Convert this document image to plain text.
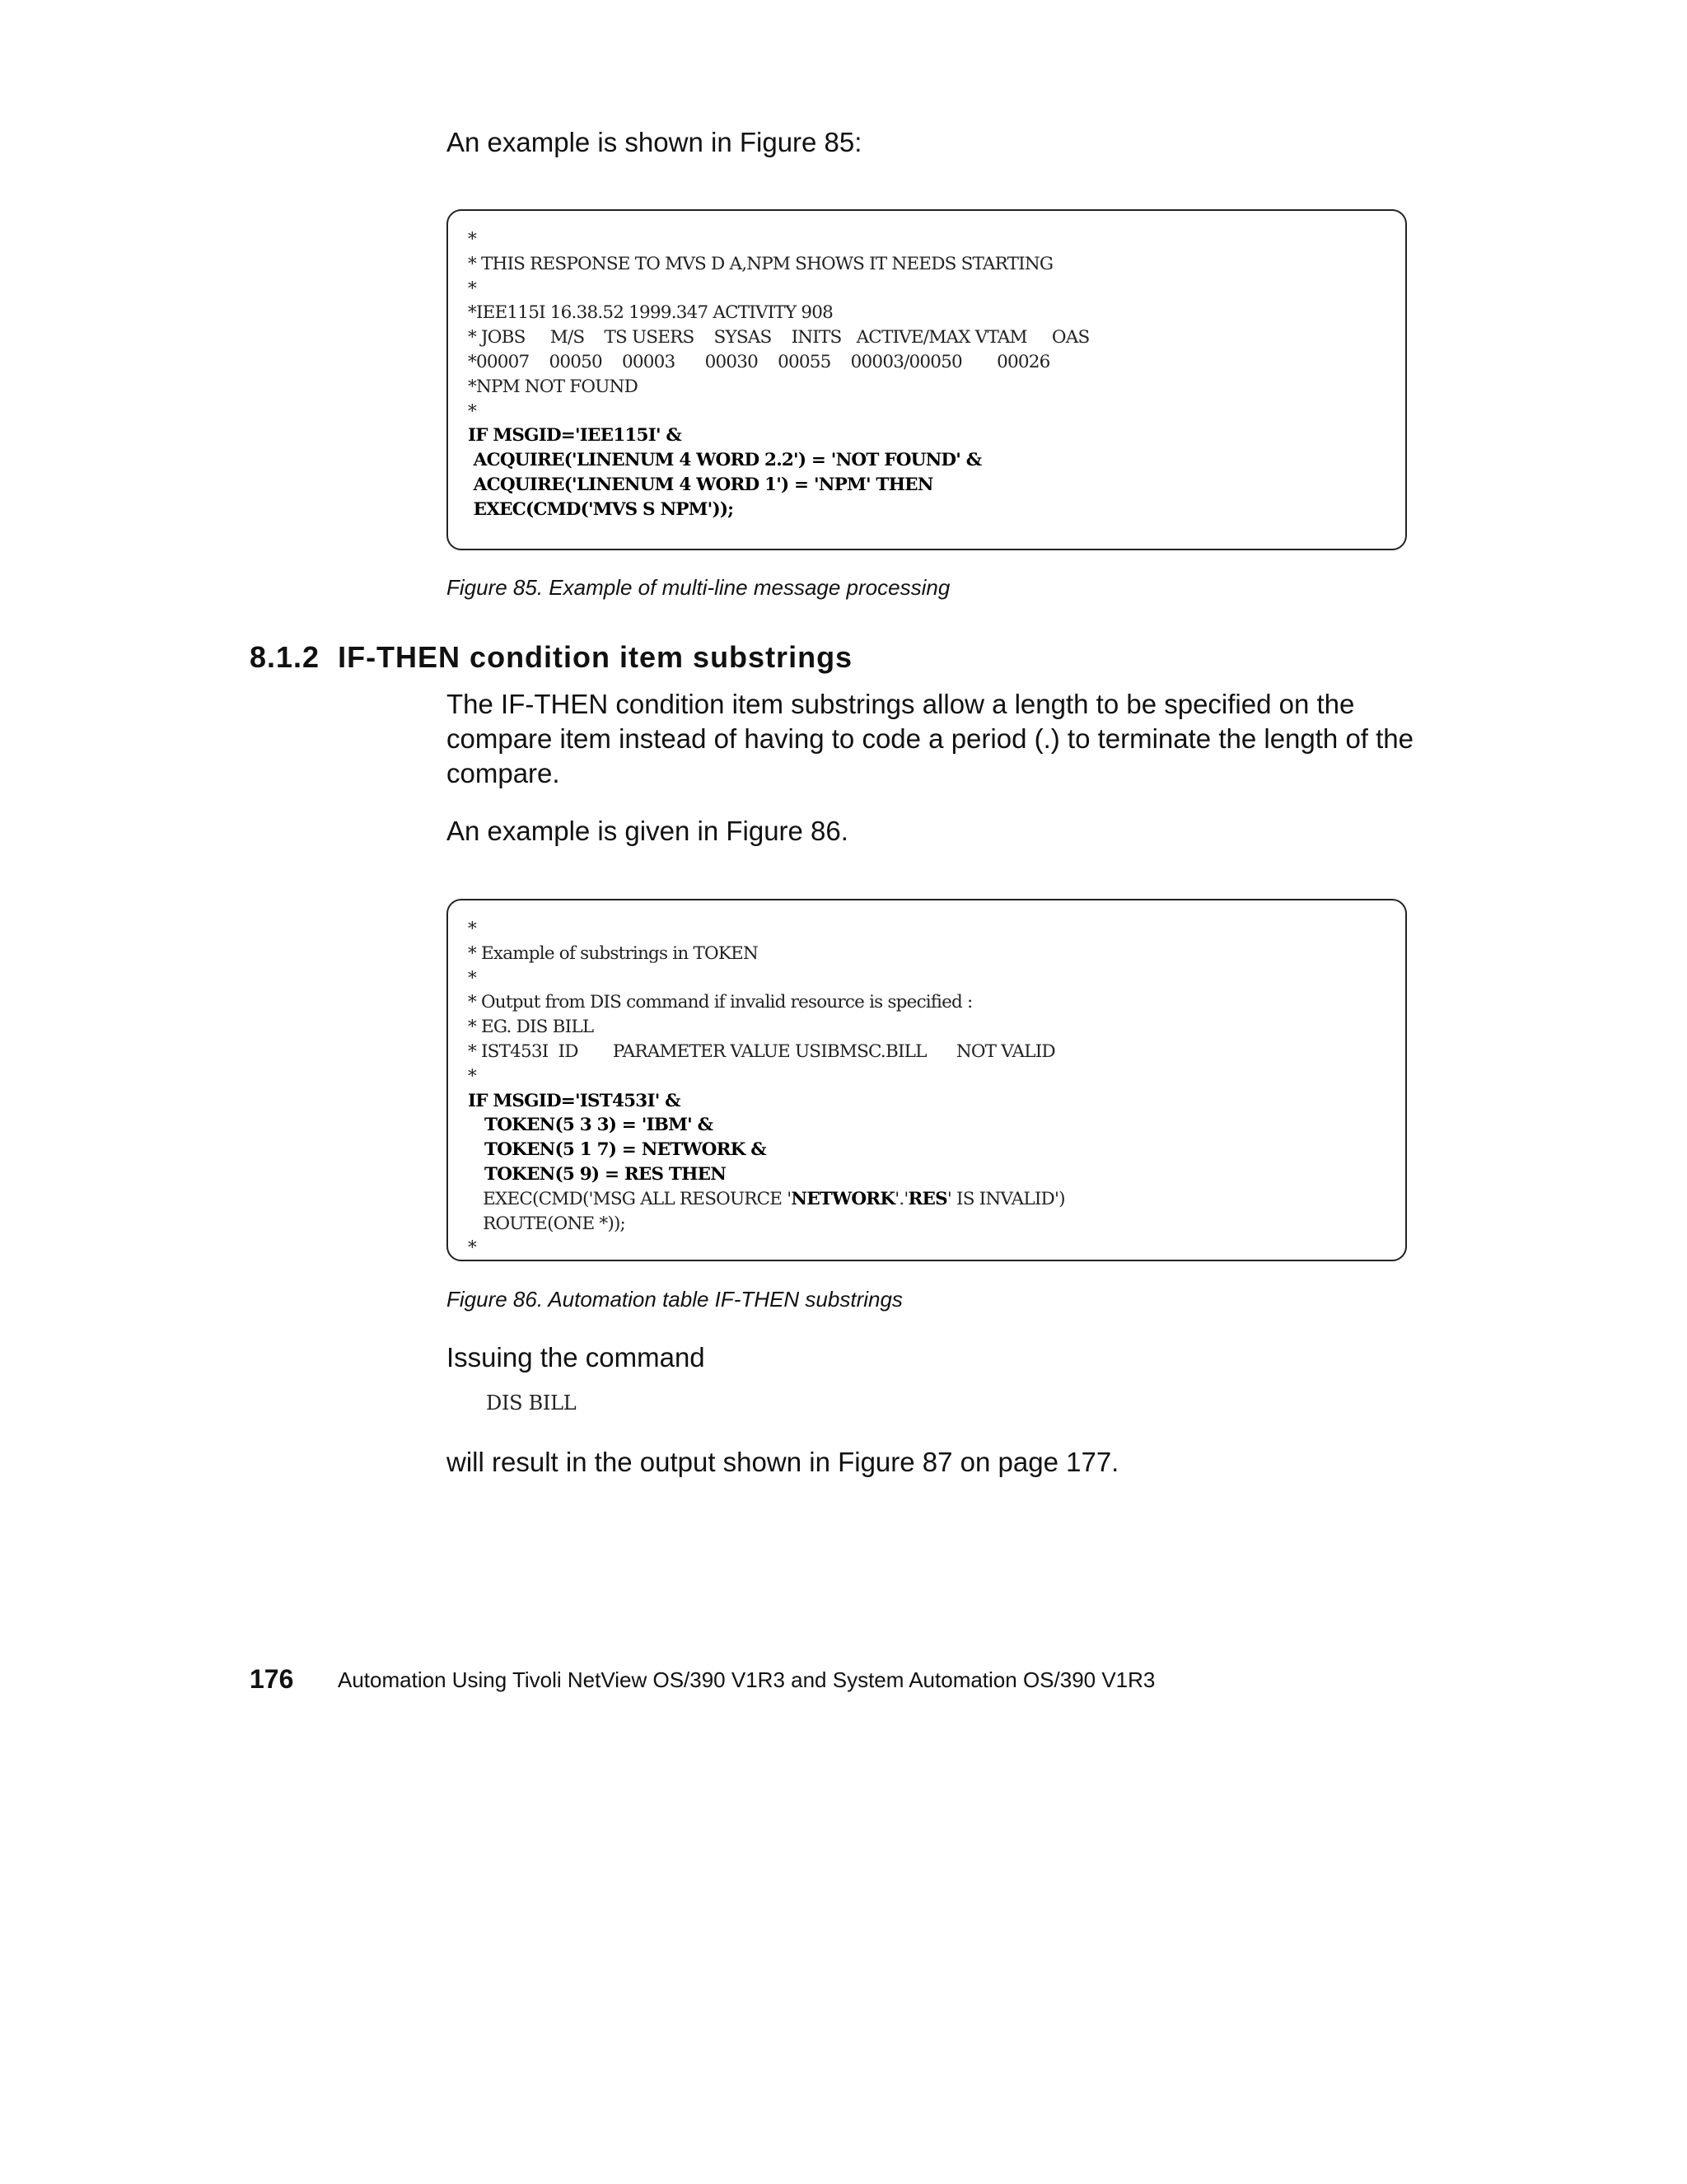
An example is shown in Figure 85:

*
* THIS RESPONSE TO MVS D A,NPM SHOWS IT NEEDS STARTING
*
*IEE115I 16.38.52 1999.347 ACTIVITY 908
* JOBS     M/S    TS USERS    SYSAS    INITS   ACTIVE/MAX VTAM     OAS
*00007    00050    00003      00030    00055    00003/00050       00026
*NPM NOT FOUND
*
IF MSGID='IEE115I' &
ACQUIRE('LINENUM 4 WORD 2.2') = 'NOT FOUND' &
ACQUIRE('LINENUM 4 WORD 1') = 'NPM' THEN
EXEC(CMD('MVS S NPM'));

Figure 85. Example of multi-line message processing

8.1.2 IF-THEN condition item substrings

The IF-THEN condition item substrings allow a length to be specified on the compare item instead of having to code a period (.) to terminate the length of the compare.

An example is given in Figure 86.

*
* Example of substrings in TOKEN
*
* Output from DIS command if invalid resource is specified :
* EG. DIS BILL
* IST453I  ID       PARAMETER VALUE USIBMSC.BILL      NOT VALID
*
IF MSGID='IST453I' &
TOKEN(5 3 3) = 'IBM' &
TOKEN(5 1 7) = NETWORK &
TOKEN(5 9) = RES THEN
EXEC(CMD('MSG ALL RESOURCE 'NETWORK'.'RES' IS INVALID')
ROUTE(ONE *));
*

Figure 86. Automation table IF-THEN substrings

Issuing the command

DIS BILL

will result in the output shown in Figure 87 on page 177.

176 Automation Using Tivoli NetView OS/390 V1R3 and System Automation OS/390 V1R3
